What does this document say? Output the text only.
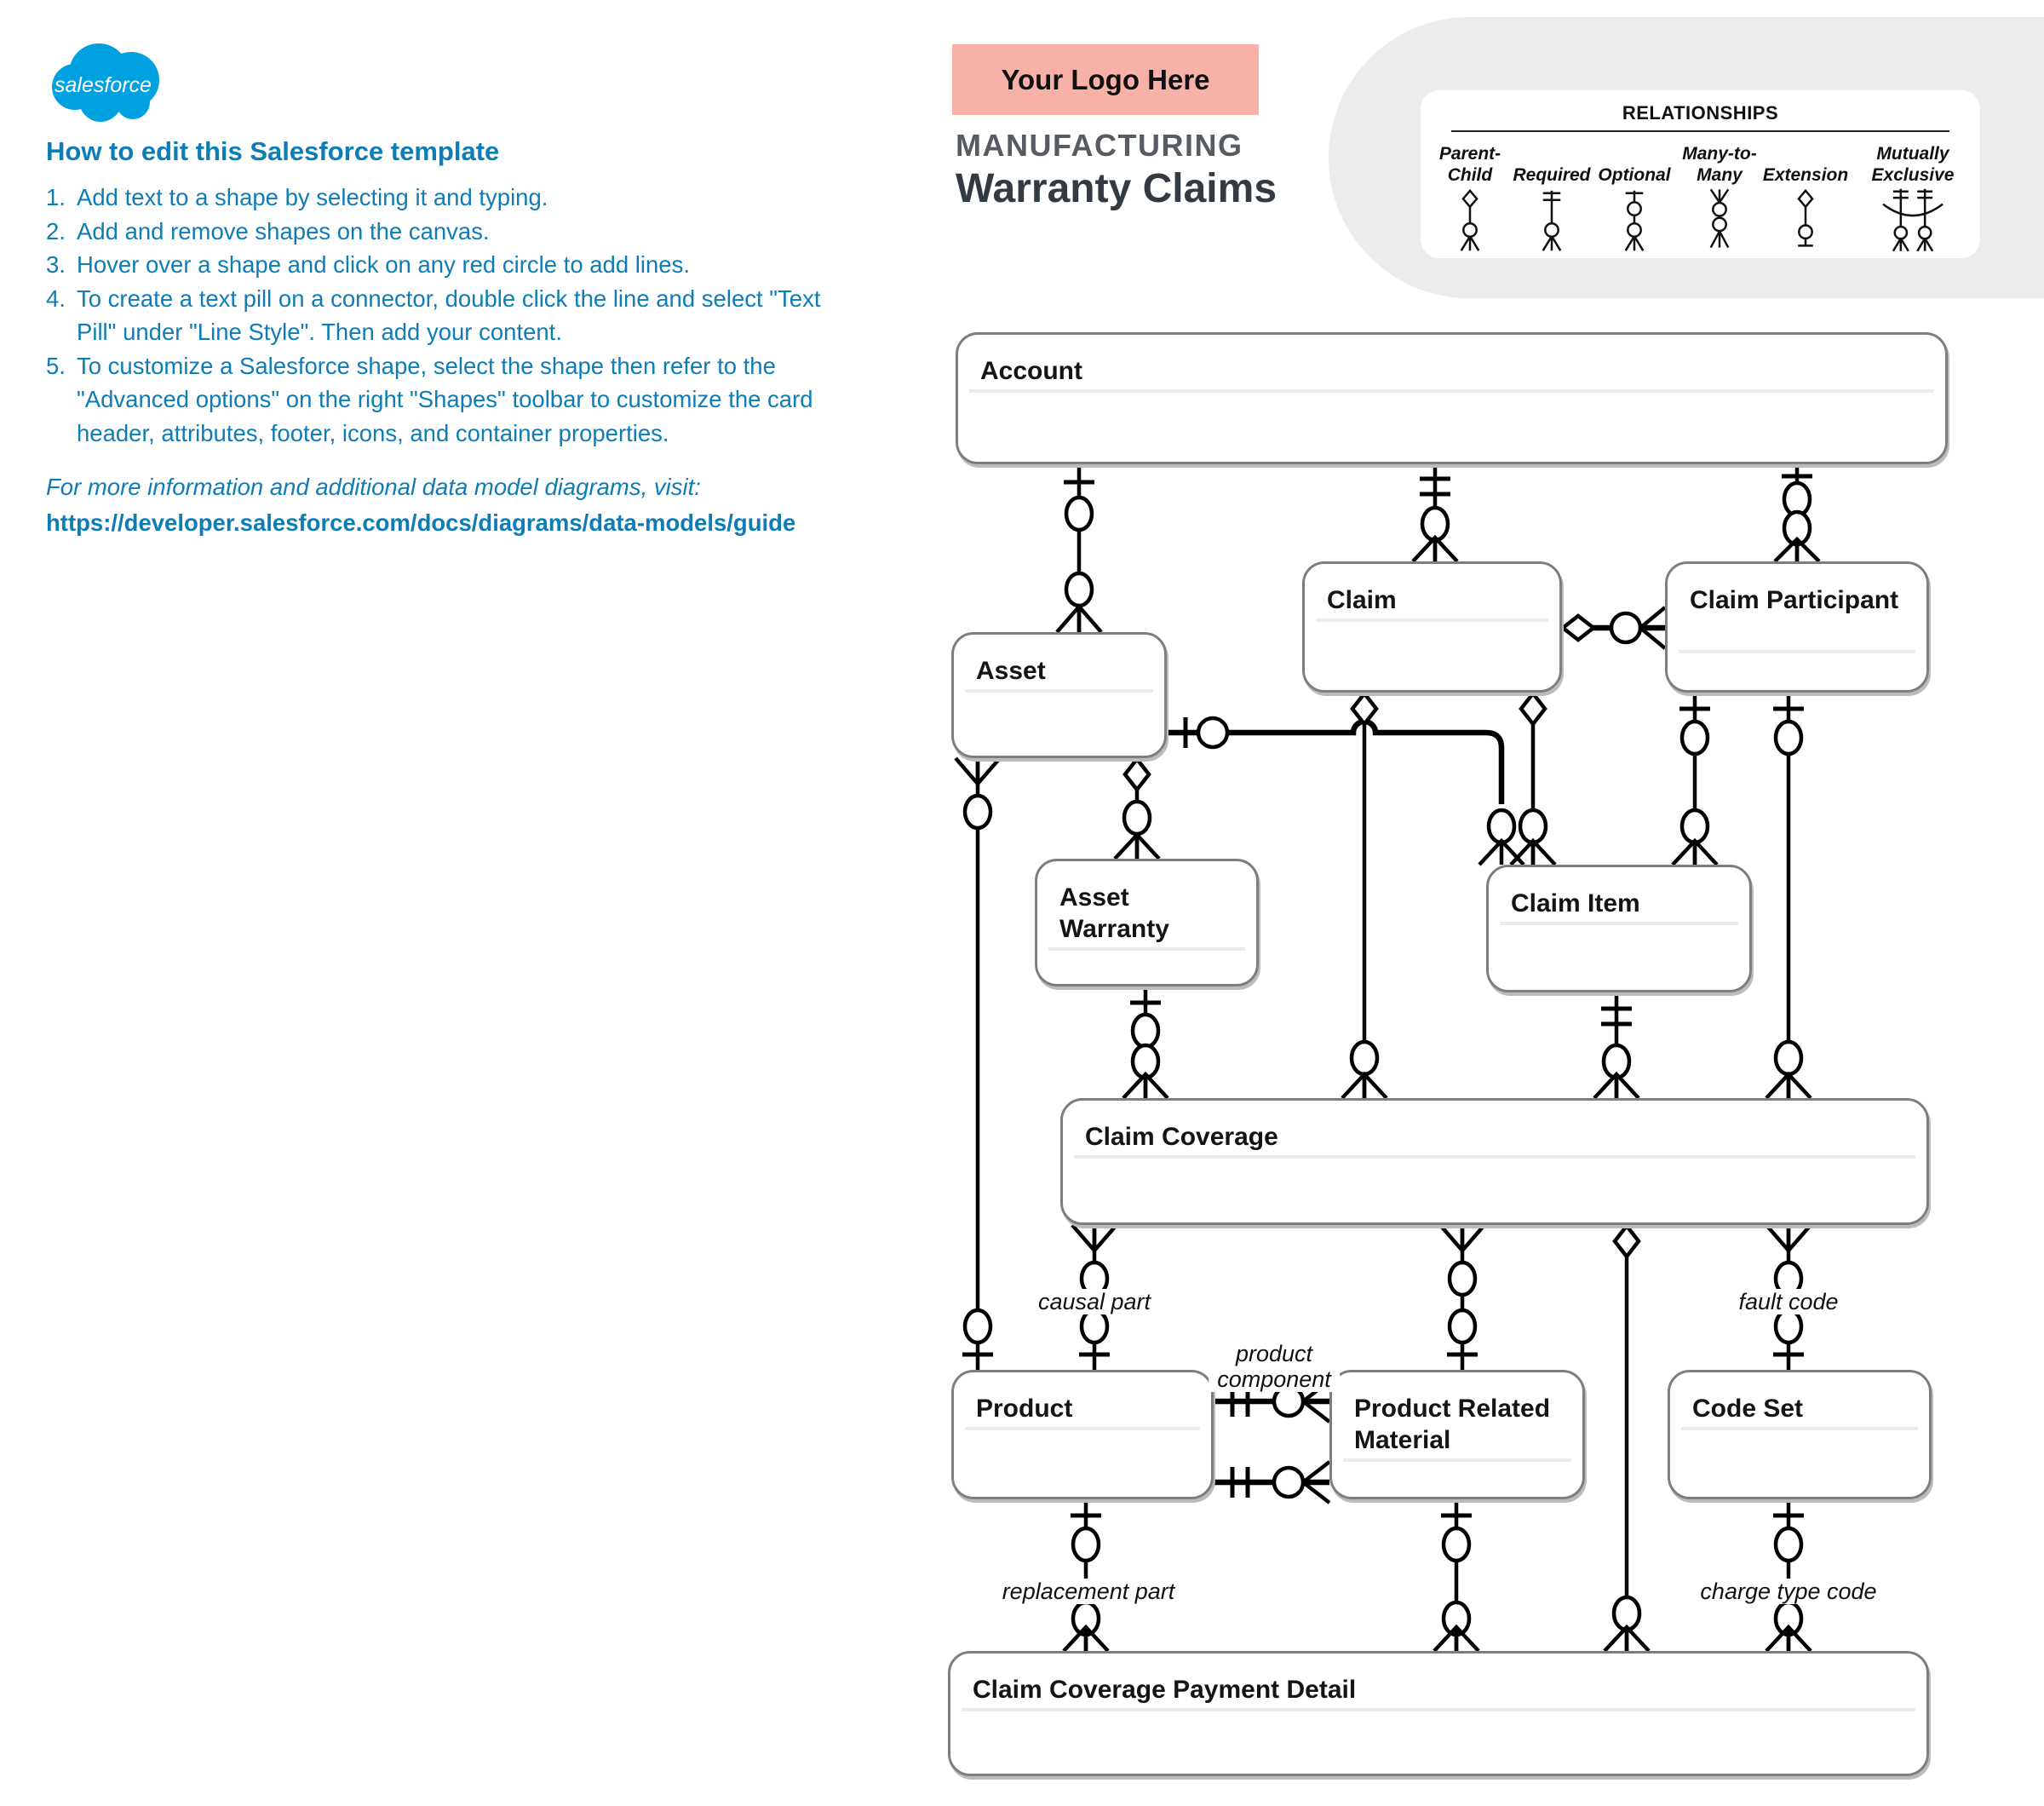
salesforce
How to edit this Salesforce template
1. Add text to a shape by selecting it and typing.
2. Add and remove shapes on the canvas.
3. Hover over a shape and click on any red circle to add lines.
4. To create a text pill on a connector, double click the line and select "Text Pill" under "Line Style". Then add your content.
5. To customize a Salesforce shape, select the shape then refer to the "Advanced options" on the right "Shapes" toolbar to customize the card header, attributes, footer, icons, and container properties.
For more information and additional data model diagrams, visit:
https://developer.salesforce.com/docs/diagrams/data-models/guide
Your Logo Here
MANUFACTURING
Warranty Claims
RELATIONSHIPS
Parent-
Child	Required Optional
Many-to-
Many	Extension
Mutually
Exclusive
Account
Claim	Claim Participant
Asset
Asset Warranty
Claim Item
Claim Coverage
Product	Product Related Material
Code Set
Claim Coverage Payment Detail
causal part	fault code
product
component
replacement part	charge type code
